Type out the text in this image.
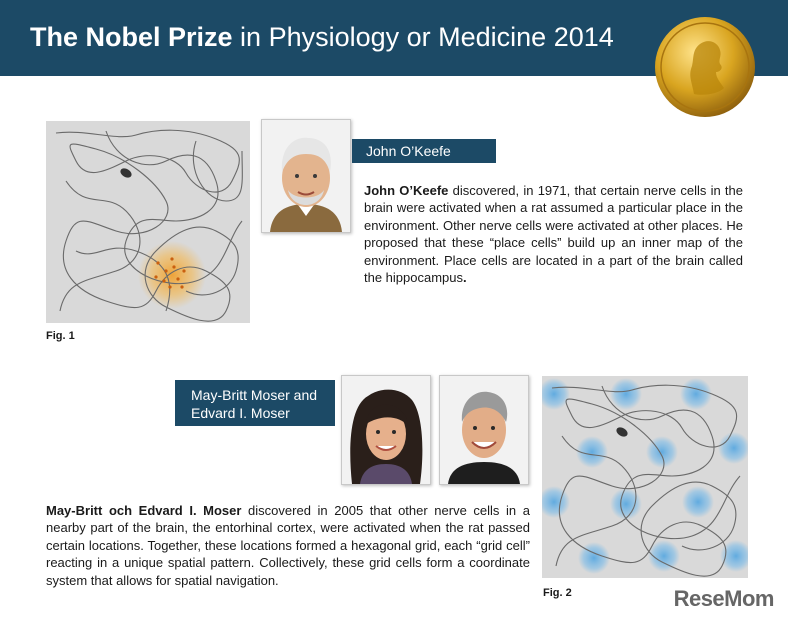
The Nobel Prize in Physiology or Medicine 2014
Fig. 1
John O’Keefe
John O’Keefe discovered, in 1971, that certain nerve cells in the brain were activated when a rat assumed a particular place in the environment. Other nerve cells were activated at other places. He proposed that these “place cells” build up an inner map of the environment. Place cells are located in a part of the brain called the hippocampus.
May-Britt Moser and
Edvard I. Moser
May-Britt och Edvard I. Moser discovered in 2005 that other nerve cells in a nearby part of the brain, the entorhinal cortex, were activated when the rat passed certain locations. Together, these locations formed a hexagonal grid, each “grid cell” reacting in a unique spatial pattern. Collectively, these grid cells form a coordinate system that allows for spatial navigation.
Fig. 2	ReseMom
